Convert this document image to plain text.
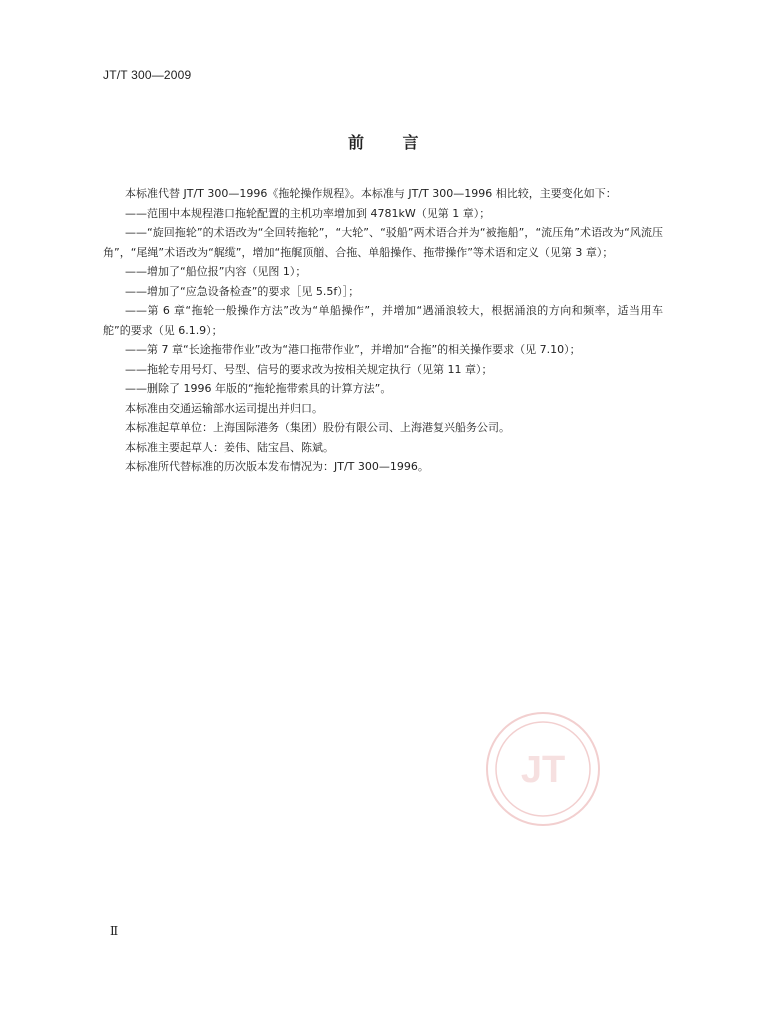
JT/T 300—2009
前 言

本标准代替 JT/T 300—1996《拖轮操作规程》。本标准与 JT/T 300—1996 相比较，主要变化如下：

——范围中本规程港口拖轮配置的主机功率增加到 4781kW（见第 1 章）；

——“旋回拖轮”的术语改为“全回转拖轮”，“大轮”、“驳船”两术语合并为“被拖船”，“流压角”术语改为“风流压角”，“尾绳”术语改为“艉缆”，增加“拖艉顶艏、合拖、单船操作、拖带操作”等术语和定义（见第 3 章）；

——增加了“船位报”内容（见图 1）；

——增加了“应急设备检查”的要求［见 5.5f）］；

——第 6 章“拖轮一般操作方法”改为“单船操作”，并增加“遇涌浪较大，根据涌浪的方向和频率，适当用车舵”的要求（见 6.1.9）；

——第 7 章“长途拖带作业”改为“港口拖带作业”，并增加“合拖”的相关操作要求（见 7.10）；

——拖轮专用号灯、号型、信号的要求改为按相关规定执行（见第 11 章）；

——删除了 1996 年版的“拖轮拖带索具的计算方法”。

本标准由交通运输部水运司提出并归口。

本标准起草单位：上海国际港务（集团）股份有限公司、上海港复兴船务公司。

本标准主要起草人：姜伟、陆宝昌、陈斌。

本标准所代替标准的历次版本发布情况为：JT/T 300—1996。

JT
Ⅱ
